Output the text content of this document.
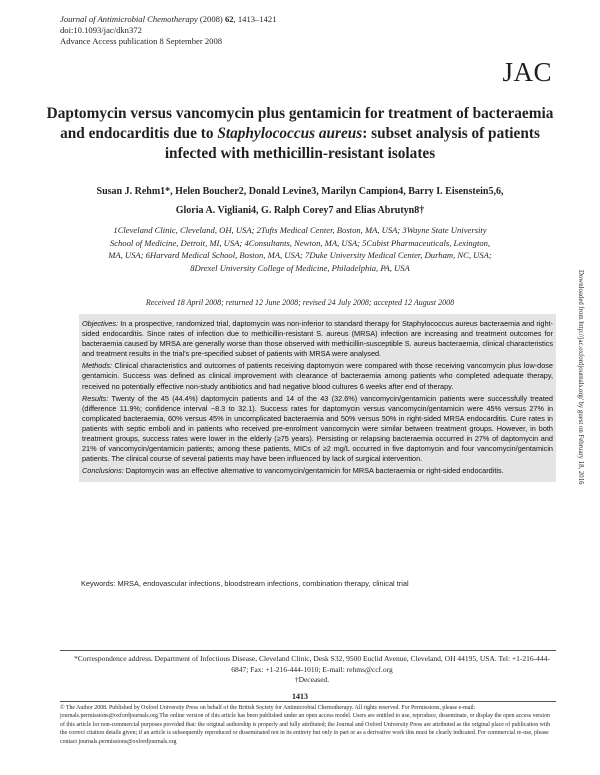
Journal of Antimicrobial Chemotherapy (2008) 62, 1413–1421
doi:10.1093/jac/dkn372
Advance Access publication 8 September 2008
JAC
Daptomycin versus vancomycin plus gentamicin for treatment of bacteraemia and endocarditis due to Staphylococcus aureus: subset analysis of patients infected with methicillin-resistant isolates
Susan J. Rehm1*, Helen Boucher2, Donald Levine3, Marilyn Campion4, Barry I. Eisenstein5,6,
Gloria A. Vigliani4, G. Ralph Corey7 and Elias Abrutyn8†
1Cleveland Clinic, Cleveland, OH, USA; 2Tufts Medical Center, Boston, MA, USA; 3Wayne State University
School of Medicine, Detroit, MI, USA; 4Consultants, Newton, MA, USA; 5Cubist Pharmaceuticals, Lexington,
MA, USA; 6Harvard Medical School, Boston, MA, USA; 7Duke University Medical Center, Durham, NC, USA;
8Drexel University College of Medicine, Philadelphia, PA, USA
Received 18 April 2008; returned 12 June 2008; revised 24 July 2008; accepted 12 August 2008

Objectives: In a prospective, randomized trial, daptomycin was non-inferior to standard therapy for Staphylococcus aureus bacteraemia and right-sided endocarditis. Since rates of infection due to methicillin-resistant S. aureus (MRSA) infection are increasing and treatment outcomes for bacteraemia caused by MRSA are generally worse than those observed with methicillin-susceptible S. aureus bacteraemia, clinical characteristics and treatment results in the trial's pre-specified subset of patients with MRSA were analysed.

Methods: Clinical characteristics and outcomes of patients receiving daptomycin were compared with those receiving vancomycin plus low-dose gentamicin. Success was defined as clinical improvement with clearance of bacteraemia among patients who completed adequate therapy, received no potentially effective non-study antibiotics and had negative blood cultures 6 weeks after end of therapy.

Results: Twenty of the 45 (44.4%) daptomycin patients and 14 of the 43 (32.6%) vancomycin/gentamicin patients were successfully treated (difference 11.9%; confidence interval −8.3 to 32.1). Success rates for daptomycin versus vancomycin/gentamicin were 45% versus 27% in complicated bacteraemia, 60% versus 45% in uncomplicated bacteraemia and 50% versus 50% in right-sided MRSA endocarditis. Cure rates in patients with septic emboli and in patients who received pre-enrolment vancomycin were similar between treatment groups. However, in both treatment groups, success rates were lower in the elderly (≥75 years). Persisting or relapsing bacteraemia occurred in 27% of daptomycin and 21% of vancomycin/gentamicin patients; among these patients, MICs of ≥2 mg/L occurred in five daptomycin and four vancomycin/gentamicin patients. The clinical course of several patients may have been influenced by lack of surgical intervention.

Conclusions: Daptomycin was an effective alternative to vancomycin/gentamicin for MRSA bacteraemia or right-sided endocarditis.

Keywords: MRSA, endovascular infections, bloodstream infections, combination therapy, clinical trial
*Correspondence address. Department of Infectious Disease, Cleveland Clinic, Desk S32, 9500 Euclid Avenue, Cleveland, OH 44195, USA. Tel: +1-216-444-6847; Fax: +1-216-444-1010; E-mail: rehms@ccf.org
†Deceased.
1413
© The Author 2008. Published by Oxford University Press on behalf of the British Society for Antimicrobial Chemotherapy. All rights reserved. For Permissions, please e-mail: journals.permissions@oxfordjournals.org The online version of this article has been published under an open access model. Users are entitled to use, reproduce, disseminate, or display the open access version of this article for non-commercial purposes provided that: the original authorship is properly and fully attributed; the Journal and Oxford University Press are attributed as the original place of publication with the correct citation details given; if an article is subsequently reproduced or disseminated not in its entirety but only in part or as a derivative work this must be clearly indicated. For commercial re-use, please contact journals.permissions@oxfordjournals.org
Downloaded from http://jac.oxfordjournals.org/ by guest on February 18, 2016
